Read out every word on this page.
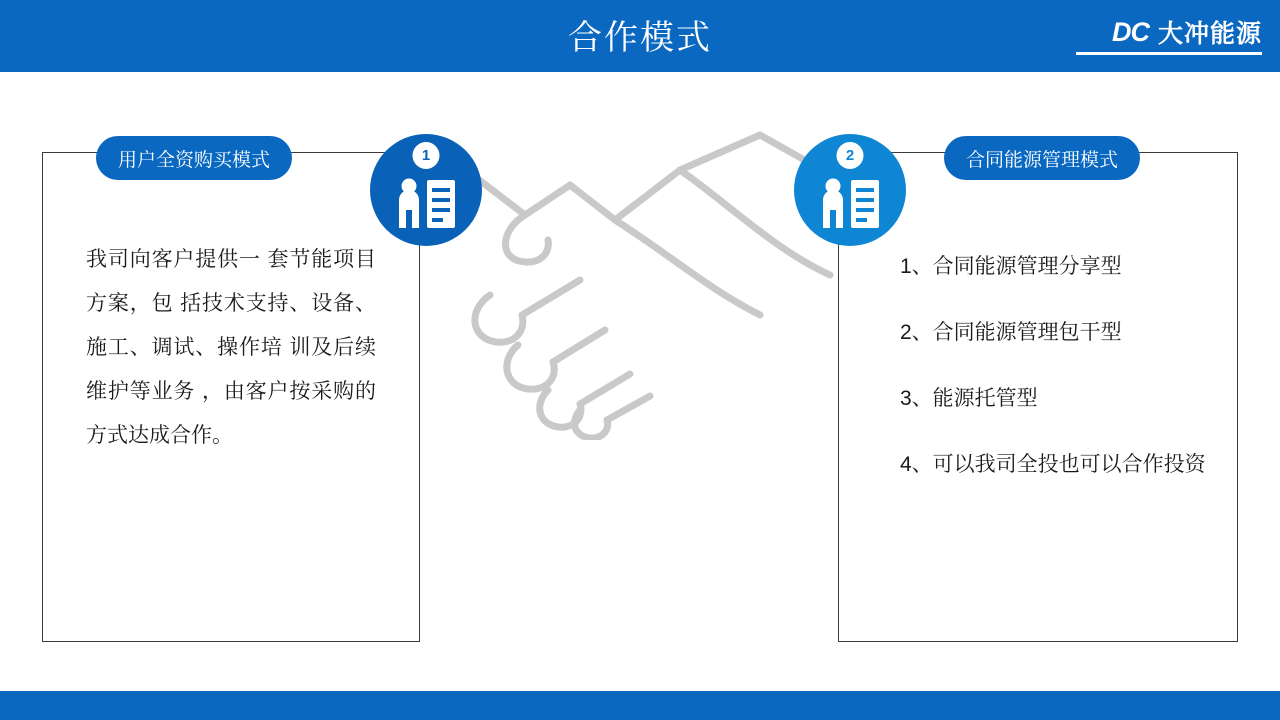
合作模式	DC 大冲能源
用户全资购买模式	1
我司向客户提供一 套节能项目方案，包 括技术支持、设备、 施工、调试、操作培 训及后续维护等业务 ，由客户按采购的方式达成合作。
合同能源管理模式
2
1、合同能源管理分享型
2、合同能源管理包干型
3、能源托管型
4、可以我司全投也可以合作投资
